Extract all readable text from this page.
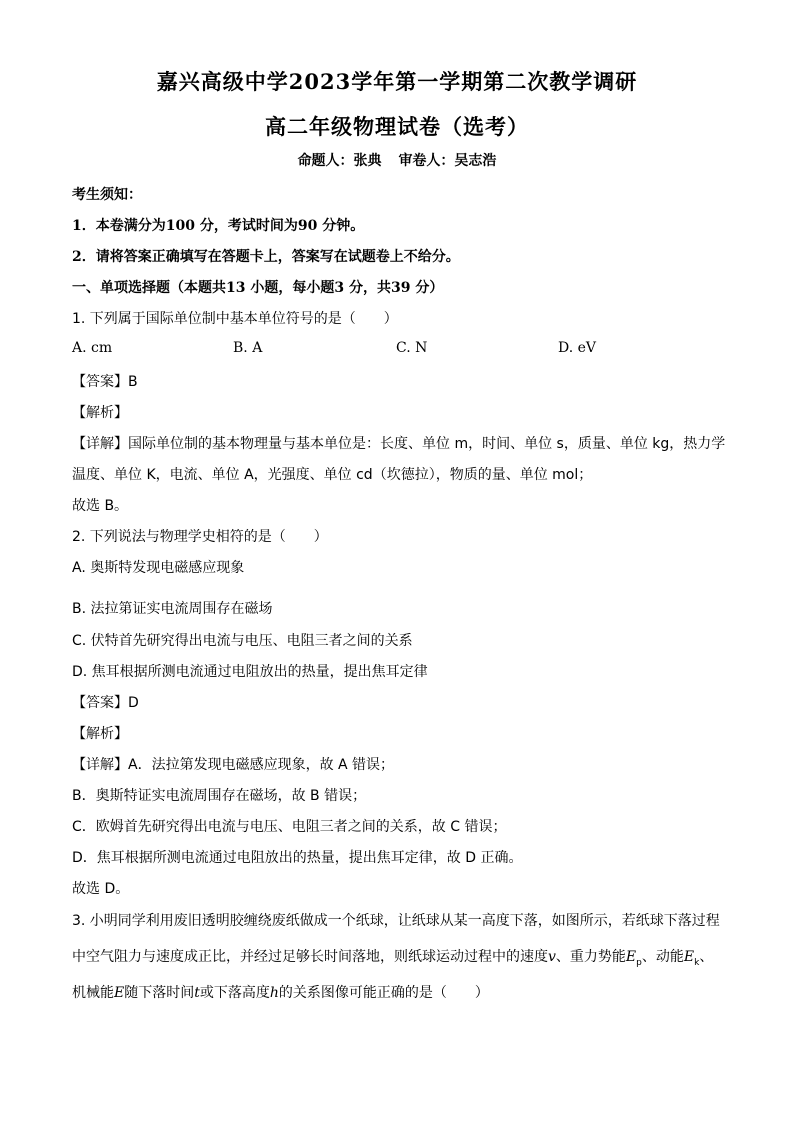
嘉兴高级中学2023学年第一学期第二次教学调研
高二年级物理试卷（选考）
命题人：张典 审卷人：吴志浩
考生须知：
1．本卷满分为100 分，考试时间为90 分钟。
2．请将答案正确填写在答题卡上，答案写在试题卷上不给分。
一、单项选择题（本题共13 小题，每小题3 分，共39 分）
1. 下列属于国际单位制中基本单位符号的是（　　）
A. cm	B. A	C. N	D. eV
【答案】B
【解析】
【详解】国际单位制的基本物理量与基本单位是：长度、单位 m，时间、单位 s，质量、单位 kg，热力学
温度、单位 K，电流、单位 A，光强度、单位 cd（坎德拉），物质的量、单位 mol；
故选 B。
2. 下列说法与物理学史相符的是（　　）
A. 奥斯特发现电磁感应现象
B. 法拉第证实电流周围存在磁场
C. 伏特首先研究得出电流与电压、电阻三者之间的关系
D. 焦耳根据所测电流通过电阻放出的热量，提出焦耳定律
【答案】D
【解析】
【详解】A．法拉第发现电磁感应现象，故 A 错误；
B．奥斯特证实电流周围存在磁场，故 B 错误；
C．欧姆首先研究得出电流与电压、电阻三者之间的关系，故 C 错误；
D．焦耳根据所测电流通过电阻放出的热量，提出焦耳定律，故 D 正确。
故选 D。
3. 小明同学利用废旧透明胶缠绕废纸做成一个纸球，让纸球从某一高度下落，如图所示，若纸球下落过程
中空气阻力与速度成正比，并经过足够长时间落地，则纸球运动过程中的速度v、重力势能$E_p$、动能$E_k$、
机械能E随下落时间t或下落高度h的关系图像可能正确的是（　　）
